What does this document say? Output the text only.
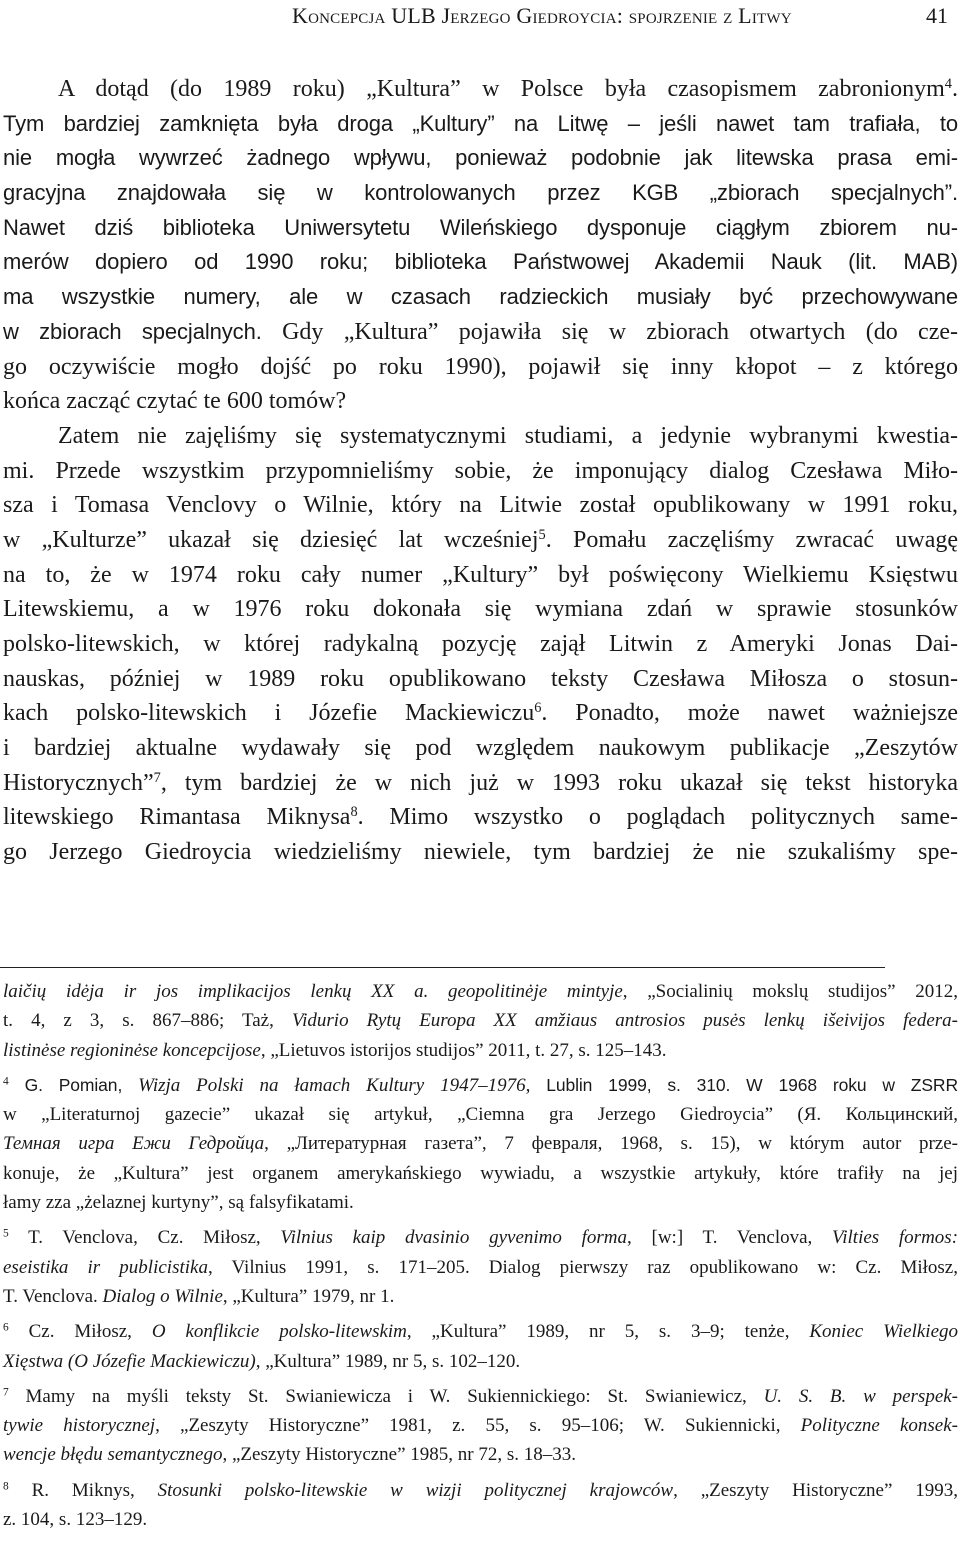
Koncepcja ULB Jerzego Giedroycia: spojrzenie z Litwy	41
A dotąd (do 1989 roku) „Kultura” w Polsce była czasopismem zabronionym$^4$.
Tym bardziej zamknięta była droga „Kultury” na Litwę – jeśli nawet tam trafiała, to
nie mogła wywrzeć żadnego wpływu, ponieważ podobnie jak litewska prasa emi-
gracyjna znajdowała się w kontrolowanych przez KGB „zbiorach specjalnych”.
Nawet dziś biblioteka Uniwersytetu Wileńskiego dysponuje ciągłym zbiorem nu-
merów dopiero od 1990 roku; biblioteka Państwowej Akademii Nauk (lit. MAB)
ma wszystkie numery, ale w czasach radzieckich musiały być przechowywane
w zbiorach specjalnych. Gdy „Kultura” pojawiła się w zbiorach otwartych (do cze-
go oczywiście mogło dojść po roku 1990), pojawił się inny kłopot – z którego
końca zacząć czytać te 600 tomów?
Zatem nie zajęliśmy się systematycznymi studiami, a jedynie wybranymi kwestia-
mi. Przede wszystkim przypomnieliśmy sobie, że imponujący dialog Czesława Miło-
sza i Tomasa Venclovy o Wilnie, który na Litwie został opublikowany w 1991 roku,
w „Kulturze” ukazał się dziesięć lat wcześniej$^5$. Pomału zaczęliśmy zwracać uwagę
na to, że w 1974 roku cały numer „Kultury” był poświęcony Wielkiemu Księstwu
Litewskiemu, a w 1976 roku dokonała się wymiana zdań w sprawie stosunków
polsko-litewskich, w której radykalną pozycję zajął Litwin z Ameryki Jonas Dai-
nauskas, później w 1989 roku opublikowano teksty Czesława Miłosza o stosun-
kach polsko-litewskich i Józefie Mackiewiczu$^6$. Ponadto, może nawet ważniejsze
i bardziej aktualne wydawały się pod względem naukowym publikacje „Zeszytów
Historycznych”$^7$, tym bardziej że w nich już w 1993 roku ukazał się tekst historyka
litewskiego Rimantasa Miknysa$^8$. Mimo wszystko o poglądach politycznych same-
go Jerzego Giedroycia wiedzieliśmy niewiele, tym bardziej że nie szukaliśmy spe-
laičių idėja ir jos implikacijos lenkų XX a. geopolitinėje mintyje, „Socialinių mokslų studijos” 2012,
t. 4, z 3, s. 867–886; Taż, Vidurio Rytų Europa XX amžiaus antrosios pusės lenkų išeivijos federa-
listinėse regioninėse koncepcijose, „Lietuvos istorijos studijos” 2011, t. 27, s. 125–143.
$^4$ G. Pomian, Wizja Polski na łamach Kultury 1947–1976, Lublin 1999, s. 310. W 1968 roku w ZSRR
w „Literaturnoj gazecie” ukazał się artykuł, „Ciemna gra Jerzego Giedroycia” (Я. Кольцинский,
Темная игра Ежи Гедройца, „Литературная газета”, 7 февраля, 1968, s. 15), w którym autor prze-
konuje, że „Kultura” jest organem amerykańskiego wywiadu, a wszystkie artykuły, które trafiły na jej
łamy zza „żelaznej kurtyny”, są falsyfikatami.
$^5$ T. Venclova, Cz. Miłosz, Vilnius kaip dvasinio gyvenimo forma, [w:] T. Venclova, Vilties formos:
eseistika ir publicistika, Vilnius 1991, s. 171–205. Dialog pierwszy raz opublikowano w: Cz. Miłosz,
T. Venclova. Dialog o Wilnie, „Kultura” 1979, nr 1.
$^6$ Cz. Miłosz, O konflikcie polsko-litewskim, „Kultura” 1989, nr 5, s. 3–9; tenże, Koniec Wielkiego
Xięstwa (O Józefie Mackiewiczu), „Kultura” 1989, nr 5, s. 102–120.
$^7$ Mamy na myśli teksty St. Swianiewicza i W. Sukiennickiego: St. Swianiewicz, U. S. B. w perspek-
tywie historycznej, „Zeszyty Historyczne” 1981, z. 55, s. 95–106; W. Sukiennicki, Polityczne konsek-
wencje błędu semantycznego, „Zeszyty Historyczne” 1985, nr 72, s. 18–33.
$^8$ R. Miknys, Stosunki polsko-litewskie w wizji politycznej krajowców, „Zeszyty Historyczne” 1993,
z. 104, s. 123–129.
